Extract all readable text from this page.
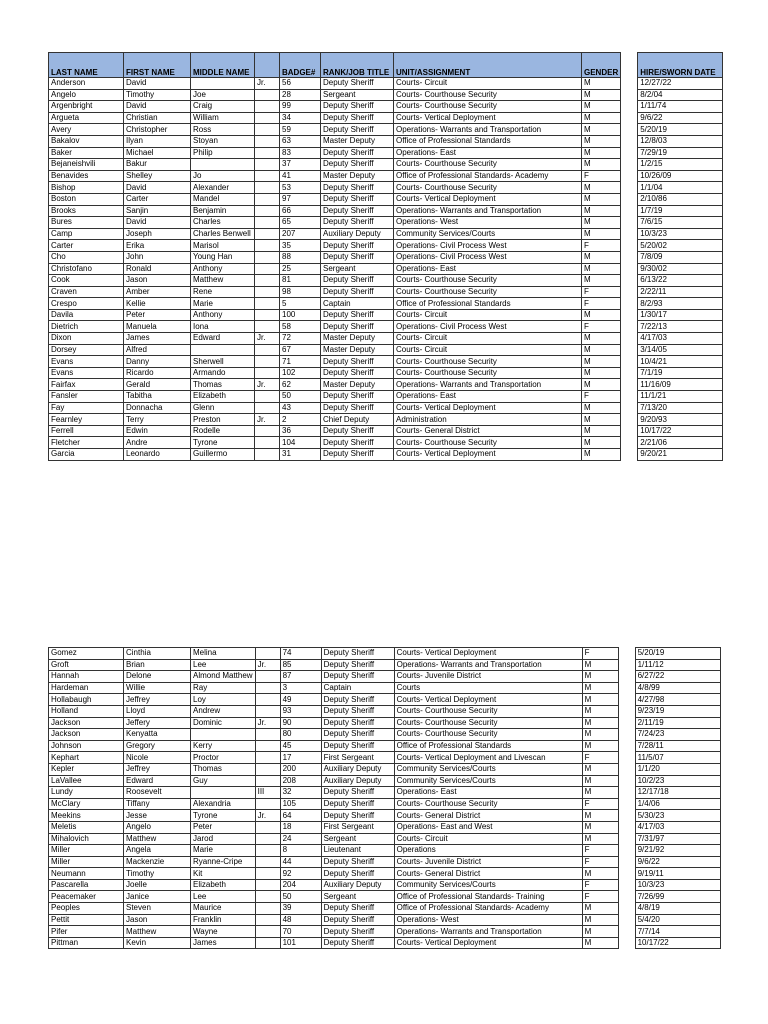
LAST NAME	FIRST NAME	MIDDLE NAME		BADGE#	RANK/JOB TITLE	UNIT/ASSIGNMENT	GENDER		HIRE/SWORN DATE
Anderson	David		Jr.	56	Deputy Sheriff	Courts- Circuit	M		12/27/22
Angelo	Timothy	Joe		28	Sergeant	Courts- Courthouse Security	M		8/2/04
Argenbright	David	Craig		99	Deputy Sheriff	Courts- Courthouse Security	M		1/11/74
Argueta	Christian	William		34	Deputy Sheriff	Courts- Vertical Deployment	M		9/6/22
Avery	Christopher	Ross		59	Deputy Sheriff	Operations- Warrants and Transportation	M		5/20/19
Bakalov	Ilyan	Stoyan		63	Master Deputy	Office of Professional Standards	M		12/8/03
Baker	Michael	Philip		83	Deputy Sheriff	Operations- East	M		7/29/19
Bejaneishvili	Bakur			37	Deputy Sheriff	Courts- Courthouse Security	M		1/2/15
Benavides	Shelley	Jo		41	Master Deputy	Office of Professional Standards- Academy	F		10/26/09
Bishop	David	Alexander		53	Deputy Sheriff	Courts- Courthouse Security	M		1/1/04
Boston	Carter	Mandel		97	Deputy Sheriff	Courts- Vertical Deployment	M		2/10/86
Brooks	Sanjin	Benjamin		66	Deputy Sheriff	Operations- Warrants and Transportation	M		1/7/19
Bures	David	Charles		65	Deputy Sheriff	Operations- West	M		7/6/15
Camp	Joseph	Charles Benwell		207	Auxiliary Deputy	Community Services/Courts	M		10/3/23
Carter	Erika	Marisol		35	Deputy Sheriff	Operations- Civil Process West	F		5/20/02
Cho	John	Young Han		88	Deputy Sheriff	Operations- Civil Process West	M		7/8/09
Christofano	Ronald	Anthony		25	Sergeant	Operations- East	M		9/30/02
Cook	Jason	Matthew		81	Deputy Sheriff	Courts- Courthouse Security	M		6/13/22
Craven	Amber	Rene		98	Deputy Sheriff	Courts- Courthouse Security	F		2/22/11
Crespo	Kellie	Marie		5	Captain	Office of Professional Standards	F		8/2/93
Davila	Peter	Anthony		100	Deputy Sheriff	Courts- Circuit	M		1/30/17
Dietrich	Manuela	Iona		58	Deputy Sheriff	Operations- Civil Process West	F		7/22/13
Dixon	James	Edward	Jr.	72	Master Deputy	Courts- Circuit	M		4/17/03
Dorsey	Alfred			67	Master Deputy	Courts- Circuit	M		3/14/05
Evans	Danny	Sherwell		71	Deputy Sheriff	Courts- Courthouse Security	M		10/4/21
Evans	Ricardo	Armando		102	Deputy Sheriff	Courts- Courthouse Security	M		7/1/19
Fairfax	Gerald	Thomas	Jr.	62	Master Deputy	Operations- Warrants and Transportation	M		11/16/09
Fansler	Tabitha	Elizabeth		50	Deputy Sheriff	Operations- East	F		11/1/21
Fay	Donnacha	Glenn		43	Deputy Sheriff	Courts- Vertical Deployment	M		7/13/20
Fearnley	Terry	Preston	Jr.	2	Chief Deputy	Administration	M		9/20/93
Ferrell	Edwin	Rodelle		36	Deputy Sheriff	Courts- General District	M		10/17/22
Fletcher	Andre	Tyrone		104	Deputy Sheriff	Courts- Courthouse Security	M		2/21/06
Garcia	Leonardo	Guillermo		31	Deputy Sheriff	Courts- Vertical Deployment	M		9/20/21
Gomez	Cinthia	Melina		74	Deputy Sheriff	Courts- Vertical Deployment	F		5/20/19
Groft	Brian	Lee	Jr.	85	Deputy Sheriff	Operations- Warrants and Transportation	M		1/11/12
Hannah	Delone	Almond Matthew		87	Deputy Sheriff	Courts- Juvenile District	M		6/27/22
Hardeman	Willie	Ray		3	Captain	Courts	M		4/8/99
Hollabaugh	Jeffrey	Loy		49	Deputy Sheriff	Courts- Vertical Deployment	M		4/27/98
Holland	Lloyd	Andrew		93	Deputy Sheriff	Courts- Courthouse Security	M		9/23/19
Jackson	Jeffery	Dominic	Jr.	90	Deputy Sheriff	Courts- Courthouse Security	M		2/11/19
Jackson	Kenyatta			80	Deputy Sheriff	Courts- Courthouse Security	M		7/24/23
Johnson	Gregory	Kerry		45	Deputy Sheriff	Office of Professional Standards	M		7/28/11
Kephart	Nicole	Proctor		17	First Sergeant	Courts- Vertical Deployment and Livescan	F		11/5/07
Kepler	Jeffrey	Thomas		200	Auxiliary Deputy	Community Services/Courts	M		1/1/20
LaVallee	Edward	Guy		208	Auxiliary Deputy	Community Services/Courts	M		10/2/23
Lundy	Roosevelt		III	32	Deputy Sheriff	Operations- East	M		12/17/18
McClary	Tiffany	Alexandria		105	Deputy Sheriff	Courts- Courthouse Security	F		1/4/06
Meekins	Jesse	Tyrone	Jr.	64	Deputy Sheriff	Courts- General District	M		5/30/23
Meletis	Angelo	Peter		18	First Sergeant	Operations- East and West	M		4/17/03
Mihalovich	Matthew	Jarod		24	Sergeant	Courts- Circuit	M		7/31/97
Miller	Angela	Marie		8	Lieutenant	Operations	F		9/21/92
Miller	Mackenzie	Ryanne-Cripe		44	Deputy Sheriff	Courts- Juvenile District	F		9/6/22
Neumann	Timothy	Kit		92	Deputy Sheriff	Courts- General District	M		9/19/11
Pascarella	Joelle	Elizabeth		204	Auxiliary Deputy	Community Services/Courts	F		10/3/23
Peacemaker	Janice	Lee		50	Sergeant	Office of Professional Standards- Training	F		7/26/99
Peoples	Steven	Maurice		39	Deputy Sheriff	Office of Professional Standards- Academy	M		4/8/19
Pettit	Jason	Franklin		48	Deputy Sheriff	Operations- West	M		5/4/20
Pifer	Matthew	Wayne		70	Deputy Sheriff	Operations- Warrants and Transportation	M		7/7/14
Pittman	Kevin	James		101	Deputy Sheriff	Courts- Vertical Deployment	M		10/17/22
